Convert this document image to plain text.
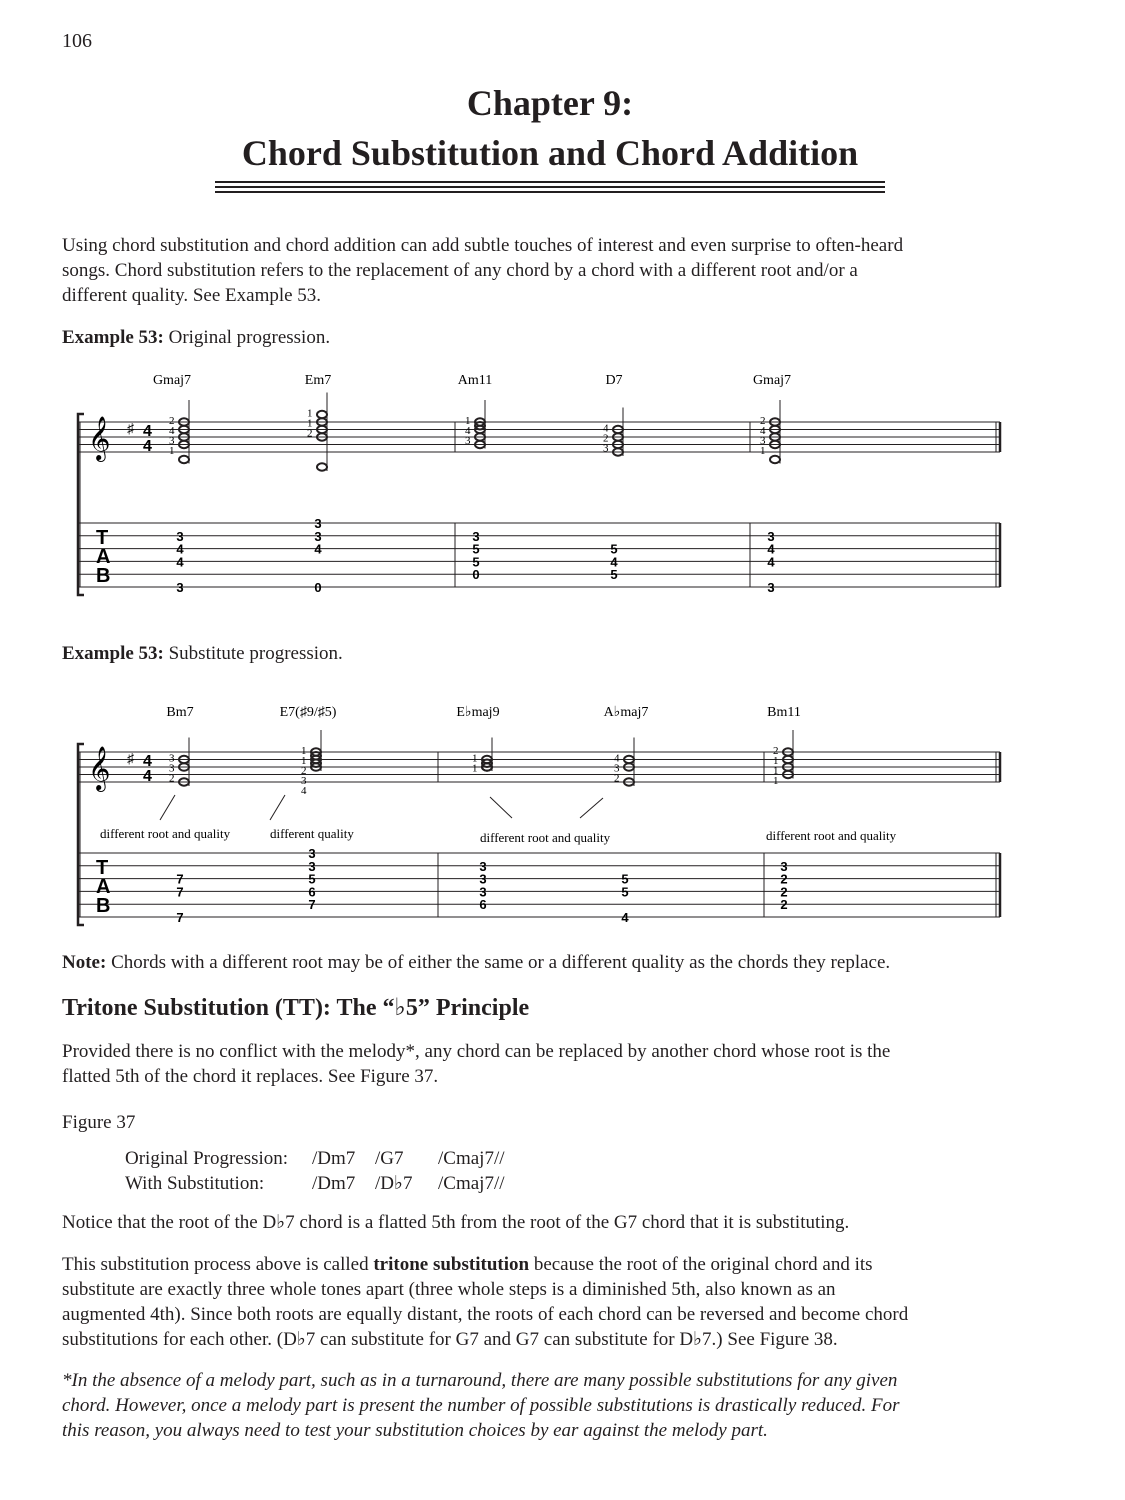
106
Chapter 9:
Chord Substitution and Chord Addition
Using chord substitution and chord addition can add subtle touches of interest and even surprise to often-heard songs. Chord substitution refers to the replacement of any chord by a chord with a different root and/or a different quality. See Example 53.
Example 53: Original progression.
Example 53: Substitute progression.
𝄞 ♯ 4
4
T
A
B
Gmaj7
2
4
3
1
3
4
4
3
Em7
1
1
2
3
3
4
0
Am11
1
4
3
3
5
5
0
D7
4
2
3
5
4
5
Gmaj7
2
4
3
1
3
4
4
3
𝄞 ♯ 4
4
T
A
B
Bm7
3
3
2
7
7
7
E7(♯9/♯5)
1
1
2
3
4
3
3
5
6
7
E♭maj9
1
1
3
3
3
6
A♭maj7
4
3
2
5
5
4
Bm11
2
1
1
1
3
2
2
2
different root and quality	different quality	different root and quality	different root and quality
Note: Chords with a different root may be of either the same or a different quality as the chords they replace.
Tritone Substitution (TT): The “♭5” Principle
Provided there is no conflict with the melody*, any chord can be replaced by another chord whose root is the flatted 5th of the chord it replaces. See Figure 37.
Figure 37
Original Progression: /Dm7 /G7 /Cmaj7//
With Substitution:	/Dm7 /D♭7 /Cmaj7//
Notice that the root of the D♭7 chord is a flatted 5th from the root of the G7 chord that it is substituting.
This substitution process above is called tritone substitution because the root of the original chord and its substitute are exactly three whole tones apart (three whole steps is a diminished 5th, also known as an augmented 4th). Since both roots are equally distant, the roots of each chord can be reversed and become chord substitutions for each other. (D♭7 can substitute for G7 and G7 can substitute for D♭7.) See Figure 38.
*In the absence of a melody part, such as in a turnaround, there are many possible substitutions for any given chord. However, once a melody part is present the number of possible substitutions is drastically reduced. For this reason, you always need to test your substitution choices by ear against the melody part.
